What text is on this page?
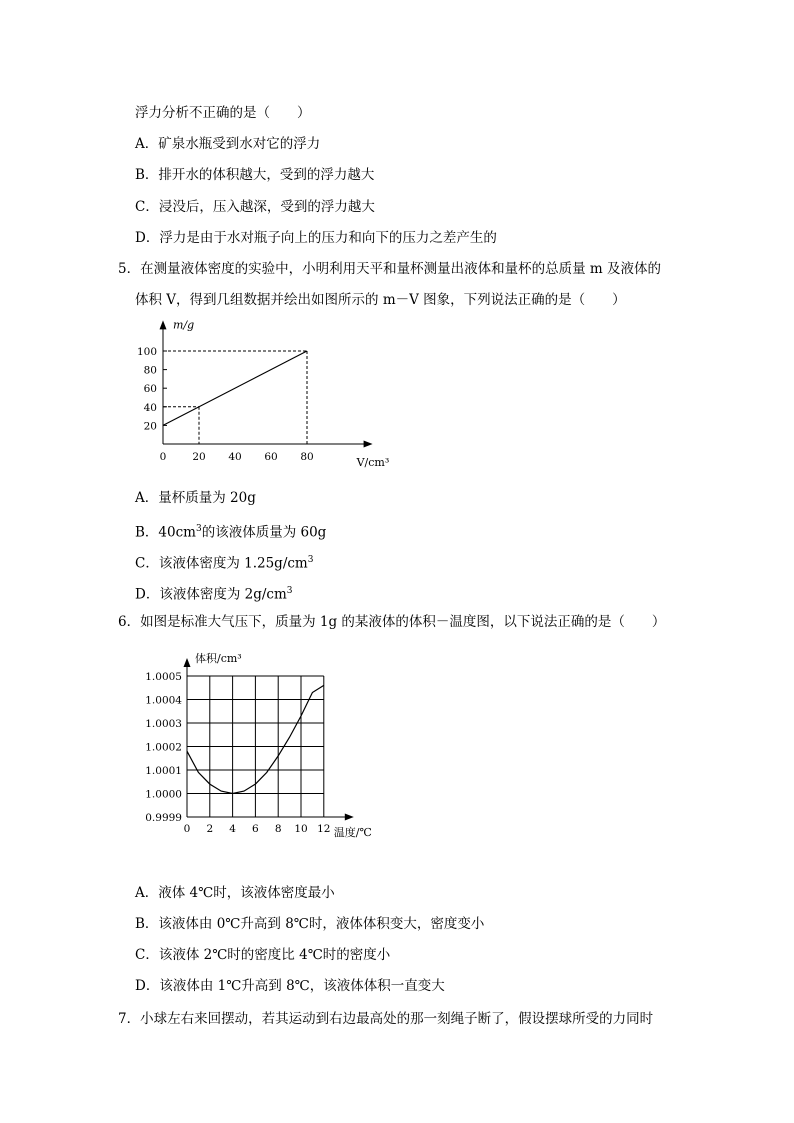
浮力分析不正确的是（　　）
A．矿泉水瓶受到水对它的浮力
B．排开水的体积越大，受到的浮力越大
C．浸没后，压入越深，受到的浮力越大
D．浮力是由于水对瓶子向上的压力和向下的压力之差产生的
5．在测量液体密度的实验中，小明利用天平和量杯测量出液体和量杯的总质量 m 及液体的
体积 V，得到几组数据并绘出如图所示的 m－V 图象，下列说法正确的是（　　）
20
40
60
80
100
0 20 40 60 80
m/g
V/cm³
A．量杯质量为 20g
B．$40cm^3$的该液体质量为 60g
C．该液体密度为 $1.25g/cm^3$
D．该液体密度为 $2g/cm^3$
6．如图是标准大气压下，质量为 1g 的某液体的体积－温度图，以下说法正确的是（　　）
0.9999
1.0000
1.0001
1.0002
1.0003
1.0004
1.0005
0 2 4 6 8 10 12
体积/cm³
温度/℃
A．液体 4℃时，该液体密度最小
B．该液体由 0℃升高到 8℃时，液体体积变大，密度变小
C．该液体 2℃时的密度比 4℃时的密度小
D．该液体由 1℃升高到 8℃，该液体体积一直变大
7．小球左右来回摆动，若其运动到右边最高处的那一刻绳子断了，假设摆球所受的力同时
